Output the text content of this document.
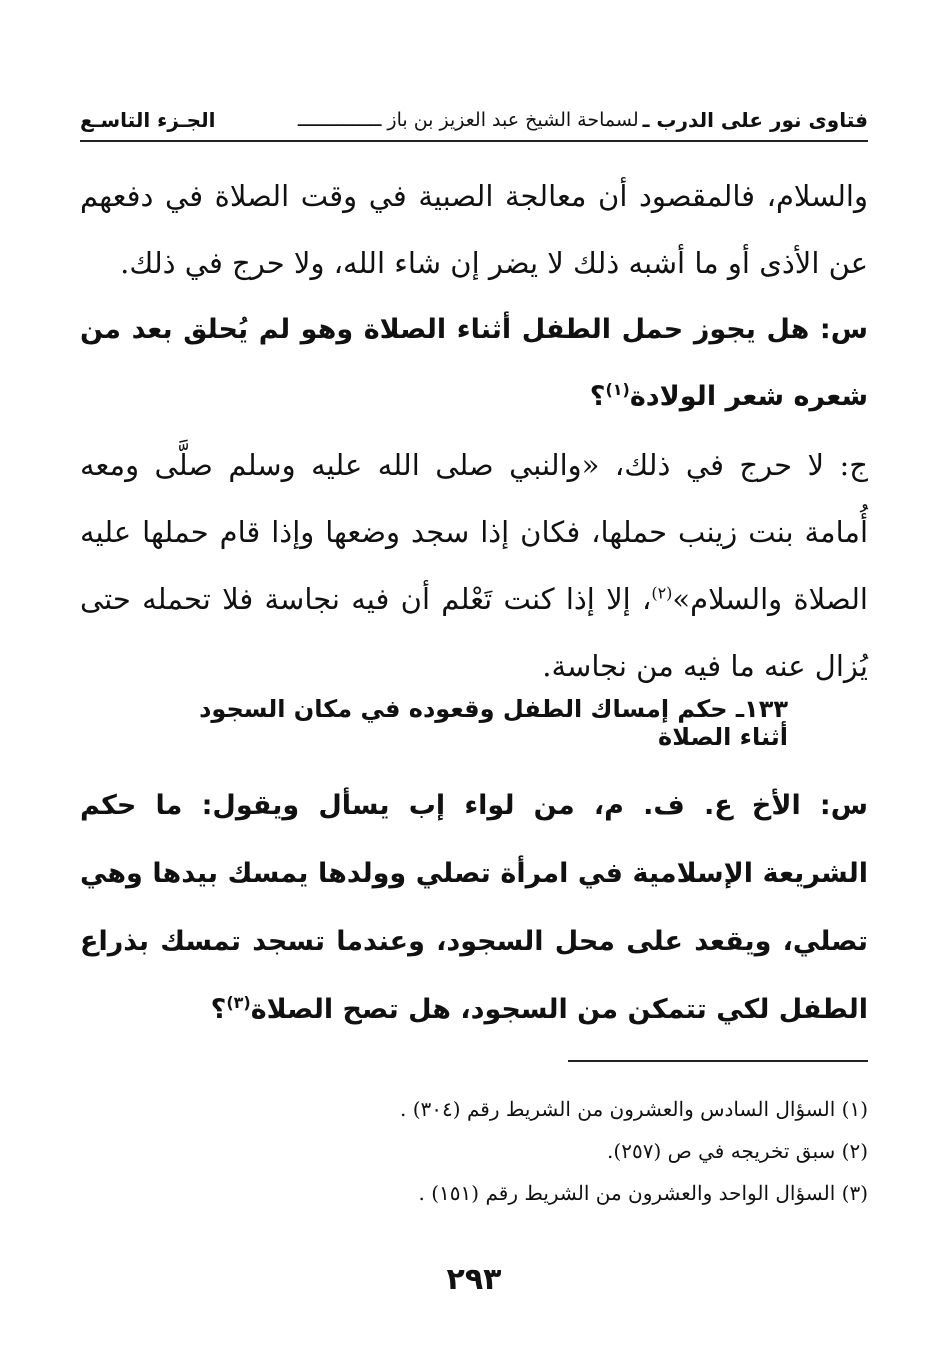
فتاوى نور على الدرب ـ
لسماحة الشيخ عبد العزيز بن باز ـــــــــــــــ
الجـزء التاسـع
والسلام، فالمقصود أن معالجة الصبية في وقت الصلاة في دفعهم عن الأذى أو ما أشبه ذلك لا يضر إن شاء الله، ولا حرج في ذلك.
س: هل يجوز حمل الطفل أثناء الصلاة وهو لم يُحلق بعد من شعره شعر الولادة$^{(١)}$؟
ج: لا حرج في ذلك، «والنبي صلى الله عليه وسلم صلَّى ومعه أُمامة بنت زينب حملها، فكان إذا سجد وضعها وإذا قام حملها عليه الصلاة والسلام»$^{(٢)}$، إلا إذا كنت تَعْلم أن فيه نجاسة فلا تحمله حتى يُزال عنه ما فيه من نجاسة.
١٣٣ـ حكم إمساك الطفل وقعوده في مكان السجود أثناء الصلاة
س: الأخ ع. ف. م، من لواء إب يسأل ويقول: ما حكم الشريعة الإسلامية في امرأة تصلي وولدها يمسك بيدها وهي تصلي، ويقعد على محل السجود، وعندما تسجد تمسك بذراع الطفل لكي تتمكن من السجود، هل تصح الصلاة$^{(٣)}$؟
(١) السؤال السادس والعشرون من الشريط رقم (٣٠٤) .
(٢) سبق تخريجه في ص (٢٥٧).
(٣) السؤال الواحد والعشرون من الشريط رقم (١٥١) .
٢٩٣
